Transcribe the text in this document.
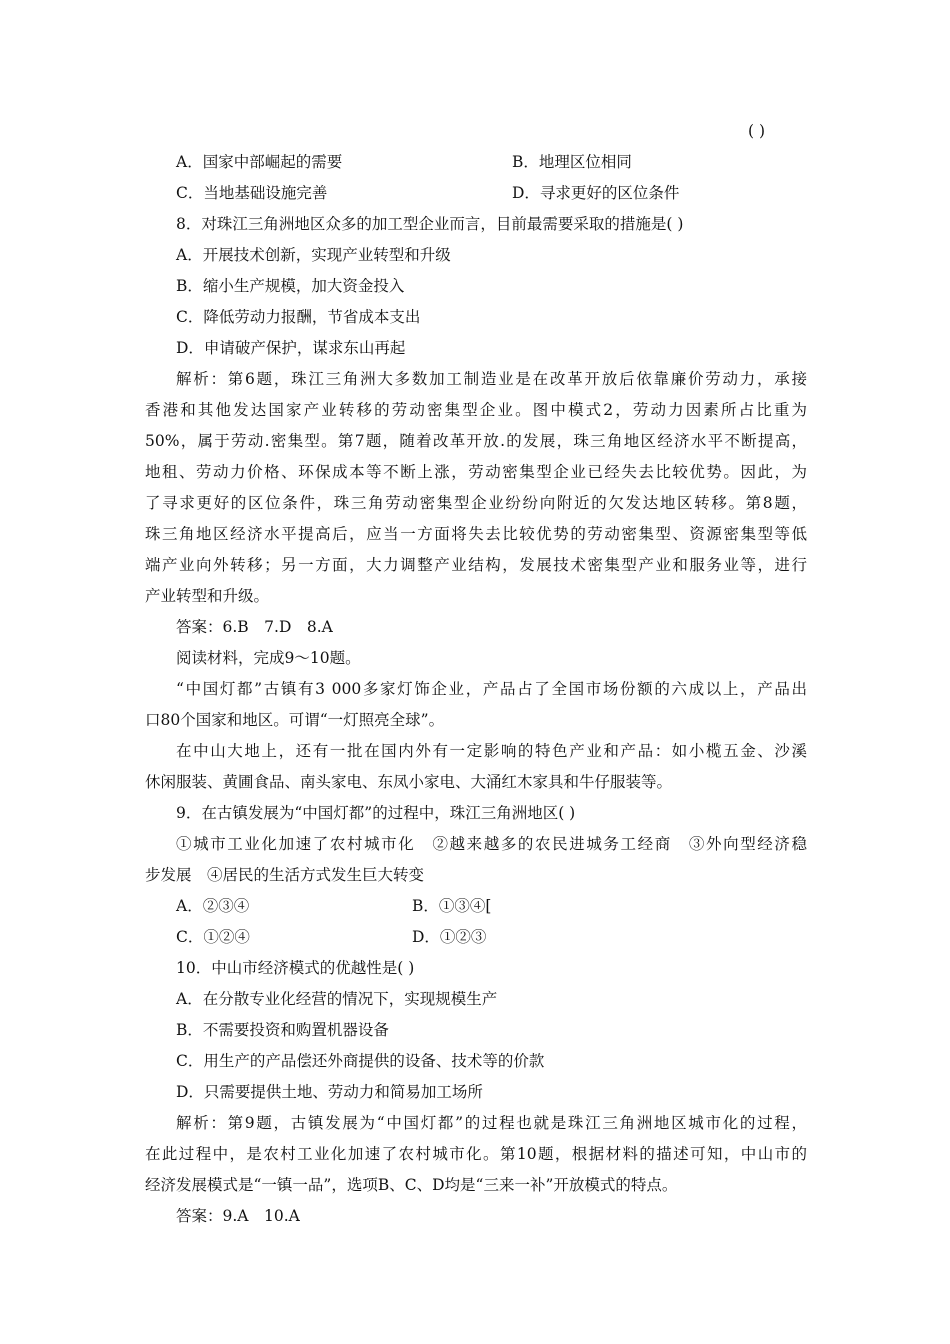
( )
A．国家中部崛起的需要	B．地理区位相同
C．当地基础设施完善	D．寻求更好的区位条件
8．对珠江三角洲地区众多的加工型企业而言，目前最需要采取的措施是( )
A．开展技术创新，实现产业转型和升级
B．缩小生产规模，加大资金投入
C．降低劳动力报酬，节省成本支出
D．申请破产保护，谋求东山再起
解析：第6题，珠江三角洲大多数加工制造业是在改革开放后依靠廉价劳动力，承接
香港和其他发达国家产业转移的劳动密集型企业。图中模式2，劳动力因素所占比重为
50%，属于劳动.密集型。第7题，随着改革开放.的发展，珠三角地区经济水平不断提高，
地租、劳动力价格、环保成本等不断上涨，劳动密集型企业已经失去比较优势。因此，为
了寻求更好的区位条件，珠三角劳动密集型企业纷纷向附近的欠发达地区转移。第8题，
珠三角地区经济水平提高后，应当一方面将失去比较优势的劳动密集型、资源密集型等低
端产业向外转移；另一方面，大力调整产业结构，发展技术密集型产业和服务业等，进行
产业转型和升级。
答案：6.B　7.D　8.A
阅读材料，完成9～10题。
“中国灯都”古镇有3 000多家灯饰企业，产品占了全国市场份额的六成以上，产品出
口80个国家和地区。可谓“一灯照亮全球”。
在中山大地上，还有一批在国内外有一定影响的特色产业和产品：如小榄五金、沙溪
休闲服装、黄圃食品、南头家电、东凤小家电、大涌红木家具和牛仔服装等。
9．在古镇发展为“中国灯都”的过程中，珠江三角洲地区( )
①城市工业化加速了农村城市化　②越来越多的农民进城务工经商　③外向型经济稳
步发展　④居民的生活方式发生巨大转变
A．②③④	B．①③④[
C．①②④	D．①②③
10．中山市经济模式的优越性是( )
A．在分散专业化经营的情况下，实现规模生产
B．不需要投资和购置机器设备
C．用生产的产品偿还外商提供的设备、技术等的价款
D．只需要提供土地、劳动力和简易加工场所
解析：第9题，古镇发展为“中国灯都”的过程也就是珠江三角洲地区城市化的过程，
在此过程中，是农村工业化加速了农村城市化。第10题，根据材料的描述可知，中山市的
经济发展模式是“一镇一品”，选项B、C、D均是“三来一补”开放模式的特点。
答案：9.A　10.A
